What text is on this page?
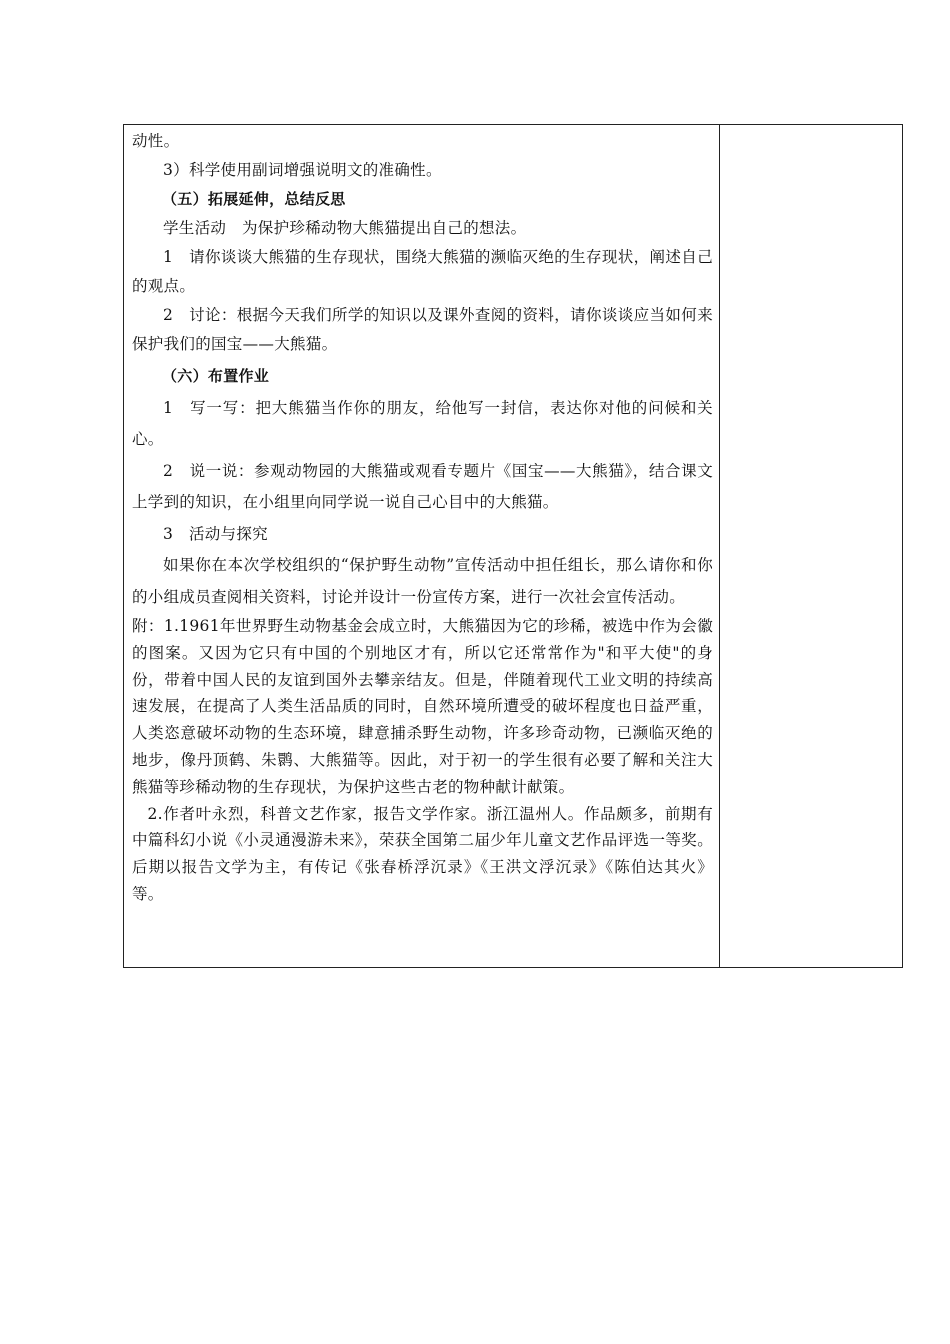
动性。

3）科学使用副词增强说明文的准确性。

（五）拓展延伸，总结反思

学生活动　为保护珍稀动物大熊猫提出自己的想法。

1　请你谈谈大熊猫的生存现状，围绕大熊猫的濒临灭绝的生存现状，阐述自己的观点。

2　讨论：根据今天我们所学的知识以及课外查阅的资料，请你谈谈应当如何来保护我们的国宝——大熊猫。

（六）布置作业

1　写一写：把大熊猫当作你的朋友，给他写一封信，表达你对他的问候和关心。

2　说一说：参观动物园的大熊猫或观看专题片《国宝——大熊猫》，结合课文上学到的知识，在小组里向同学说一说自己心目中的大熊猫。

3　活动与探究

如果你在本次学校组织的“保护野生动物”宣传活动中担任组长，那么请你和你的小组成员查阅相关资料，讨论并设计一份宣传方案，进行一次社会宣传活动。

附：1.1961年世界野生动物基金会成立时，大熊猫因为它的珍稀，被选中作为会徽的图案。又因为它只有中国的个别地区才有，所以它还常常作为"和平大使"的身份，带着中国人民的友谊到国外去攀亲结友。但是，伴随着现代工业文明的持续高速发展，在提高了人类生活品质的同时，自然环境所遭受的破坏程度也日益严重，人类恣意破坏动物的生态环境，肆意捕杀野生动物，许多珍奇动物，已濒临灭绝的地步，像丹顶鹤、朱鹮、大熊猫等。因此，对于初一的学生很有必要了解和关注大熊猫等珍稀动物的生存现状，为保护这些古老的物种献计献策。

2.作者叶永烈，科普文艺作家，报告文学作家。浙江温州人。作品颇多，前期有中篇科幻小说《小灵通漫游未来》，荣获全国第二届少年儿童文艺作品评选一等奖。后期以报告文学为主，有传记《张春桥浮沉录》《王洪文浮沉录》《陈伯达其火》等。
